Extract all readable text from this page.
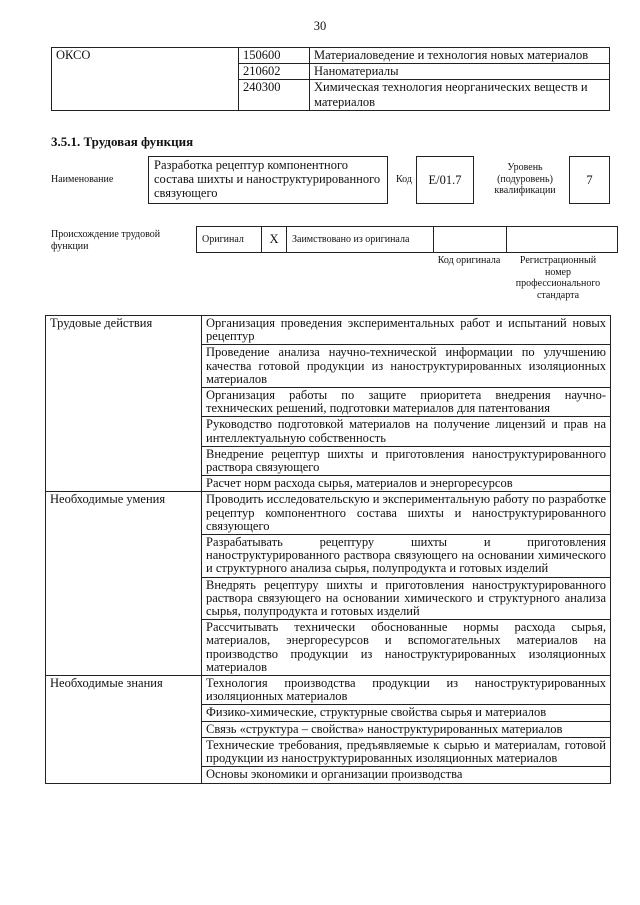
30
ОКСО	150600	Материаловедение и технология новых материалов
	210602	Наноматериалы
	240300	Химическая технология неорганических веществ и материалов
3.5.1. Трудовая функция
Наименование
Разработка рецептур компонентного состава шихты и наноструктурированного связующего
Код	E/01.7
Уровень (подуровень) квалификации
7
Происхождение трудовой функции
Оригинал	X	Заимствовано из оригинала		
Код оригинала	Регистрационный номер профессионального стандарта
Трудовые действия	Организация проведения экспериментальных работ и испытаний новых рецептур
	Проведение анализа научно-технической информации по улучшению качества готовой продукции из наноструктурированных изоляционных материалов
	Организация работы по защите приоритета внедрения научно-технических решений, подготовки материалов для патентования
	Руководство подготовкой материалов на получение лицензий и прав на интеллектуальную собственность
	Внедрение рецептур шихты и приготовления наноструктурированного раствора связующего
	Расчет норм расхода сырья, материалов и энергоресурсов
Необходимые умения	Проводить исследовательскую и экспериментальную работу по разработке рецептур компонентного состава шихты и наноструктурированного связующего
	Разрабатывать рецептуру шихты и приготовления наноструктурированного раствора связующего на основании химического и структурного анализа сырья, полупродукта и готовых изделий
	Внедрять рецептуру шихты и приготовления наноструктурированного раствора связующего на основании химического и структурного анализа сырья, полупродукта и готовых изделий
	Рассчитывать технически обоснованные нормы расхода сырья, материалов, энергоресурсов и вспомогательных материалов на производство продукции из наноструктурированных изоляционных материалов
Необходимые знания	Технология производства продукции из наноструктурированных изоляционных материалов
	Физико-химические, структурные свойства сырья и материалов
	Связь «структура – свойства» наноструктурированных материалов
	Технические требования, предъявляемые к сырью и материалам, готовой продукции из наноструктурированных изоляционных материалов
	Основы экономики и организации производства
